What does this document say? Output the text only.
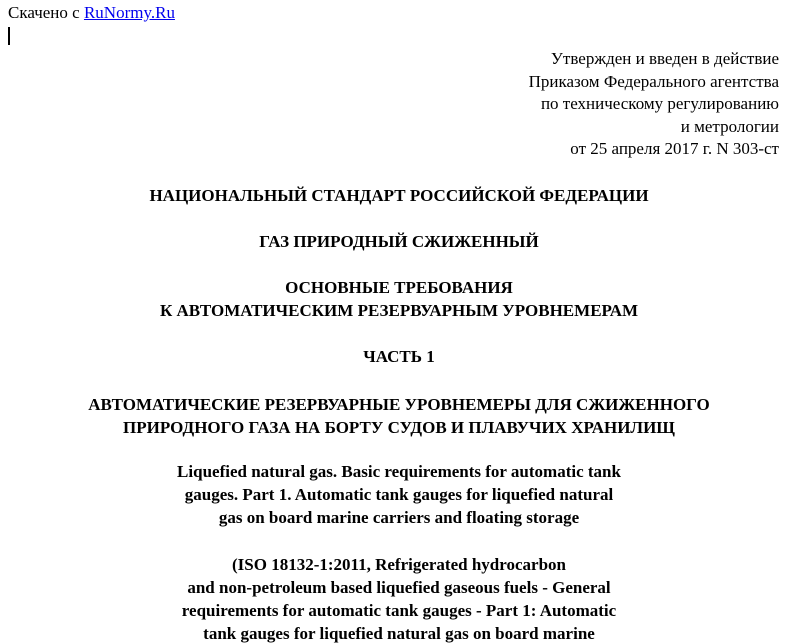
Скачено с RuNormy.Ru
Утвержден и введен в действие
Приказом Федерального агентства
по техническому регулированию
и метрологии
от 25 апреля 2017 г. N 303-ст
НАЦИОНАЛЬНЫЙ СТАНДАРТ РОССИЙСКОЙ ФЕДЕРАЦИИ
ГАЗ ПРИРОДНЫЙ СЖИЖЕННЫЙ
ОСНОВНЫЕ ТРЕБОВАНИЯ
К АВТОМАТИЧЕСКИМ РЕЗЕРВУАРНЫМ УРОВНЕМЕРАМ
ЧАСТЬ 1
АВТОМАТИЧЕСКИЕ РЕЗЕРВУАРНЫЕ УРОВНЕМЕРЫ ДЛЯ СЖИЖЕННОГО
ПРИРОДНОГО ГАЗА НА БОРТУ СУДОВ И ПЛАВУЧИХ ХРАНИЛИЩ
Liquefied natural gas. Basic requirements for automatic tank
gauges. Part 1. Automatic tank gauges for liquefied natural
gas on board marine carriers and floating storage
(ISO 18132-1:2011, Refrigerated hydrocarbon
and non-petroleum based liquefied gaseous fuels - General
requirements for automatic tank gauges - Part 1: Automatic
tank gauges for liquefied natural gas on board marine
